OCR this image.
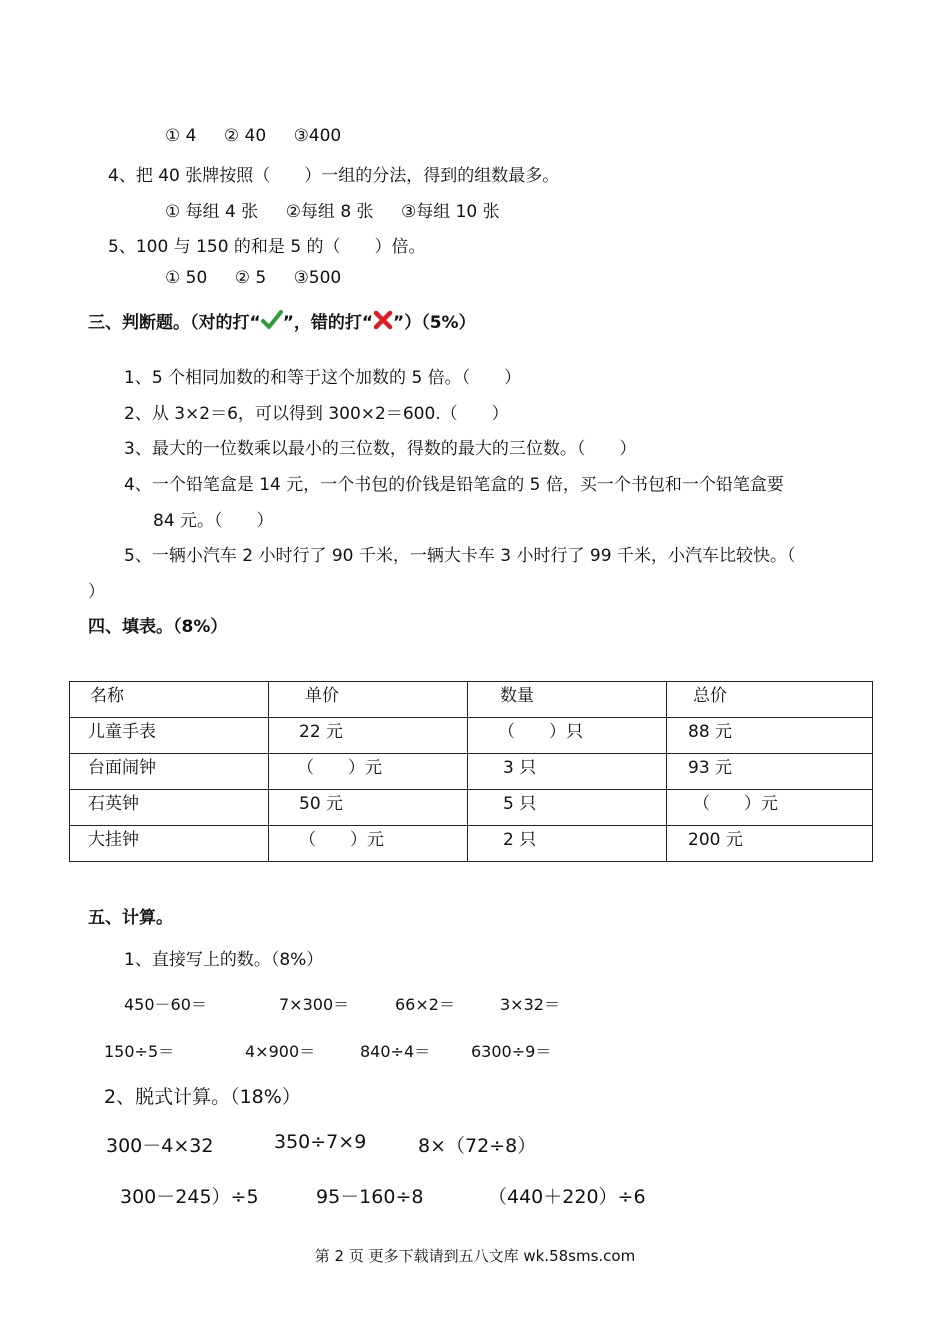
① 4 ② 40 ③400
4、把 40 张牌按照（　　）一组的分法，得到的组数最多。
① 每组 4 张 ②每组 8 张 ③每组 10 张
5、100 与 150 的和是 5 的（　　）倍。
① 50 ② 5 ③500
三、判断题。（对的打“ ”，错的打“ ”）（5%）
1、5 个相同加数的和等于这个加数的 5 倍。（　　）
2、从 3×2＝6，可以得到 300×2＝600.（　　）
3、最大的一位数乘以最小的三位数，得数的最大的三位数。（　　）
4、一个铅笔盒是 14 元，一个书包的价钱是铅笔盒的 5 倍，买一个书包和一个铅笔盒要
84 元。（　　）
5、一辆小汽车 2 小时行了 90 千米，一辆大卡车 3 小时行了 99 千米，小汽车比较快。（
）
四、填表。（8%）
名称	单价	数量	总价
儿童手表	22 元	（　　）只	88 元
台面闹钟	（　　）元	3 只	93 元
石英钟	50 元	5 只	（　　）元
大挂钟	（　　）元	2 只	200 元
五、计算。
1、直接写上的数。（8%）
450－60＝	7×300＝	66×2＝	3×32＝
150÷5＝	4×900＝	840÷4＝	6300÷9＝
2、脱式计算。（18%）
300－4×32	350÷7×9	8×（72÷8）
300－245）÷5	95－160÷8	（440＋220）÷6
第 2 页 更多下载请到五八文库 wk.58sms.com
